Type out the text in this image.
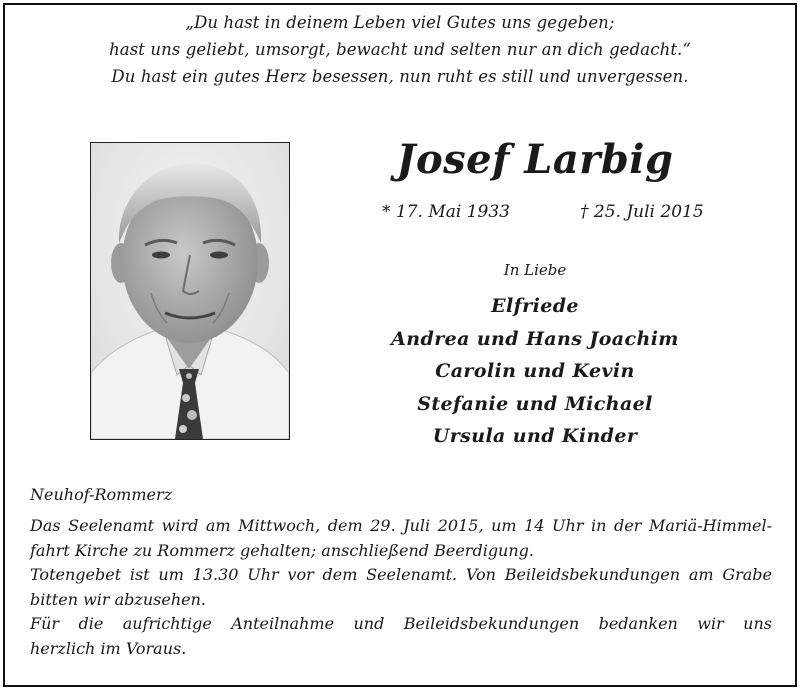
„Du hast in deinem Leben viel Gutes uns gegeben;
hast uns geliebt, umsorgt, bewacht und selten nur an dich gedacht.“
Du hast ein gutes Herz besessen, nun ruht es still und unvergessen.
Josef Larbig
* 17. Mai 1933	† 25. Juli 2015
In Liebe
Elfriede
Andrea und Hans Joachim
Carolin und Kevin
Stefanie und Michael
Ursula und Kinder
Neuhof-Rommerz
Das Seelenamt wird am Mittwoch, dem 29. Juli 2015, um 14 Uhr in der Mariä-Himmel-
fahrt Kirche zu Rommerz gehalten; anschließend Beerdigung.
Totengebet ist um 13.30 Uhr vor dem Seelenamt. Von Beileidsbekundungen am Grabe
bitten wir abzusehen.
Für die aufrichtige Anteilnahme und Beileidsbekundungen bedanken wir uns
herzlich im Voraus.
